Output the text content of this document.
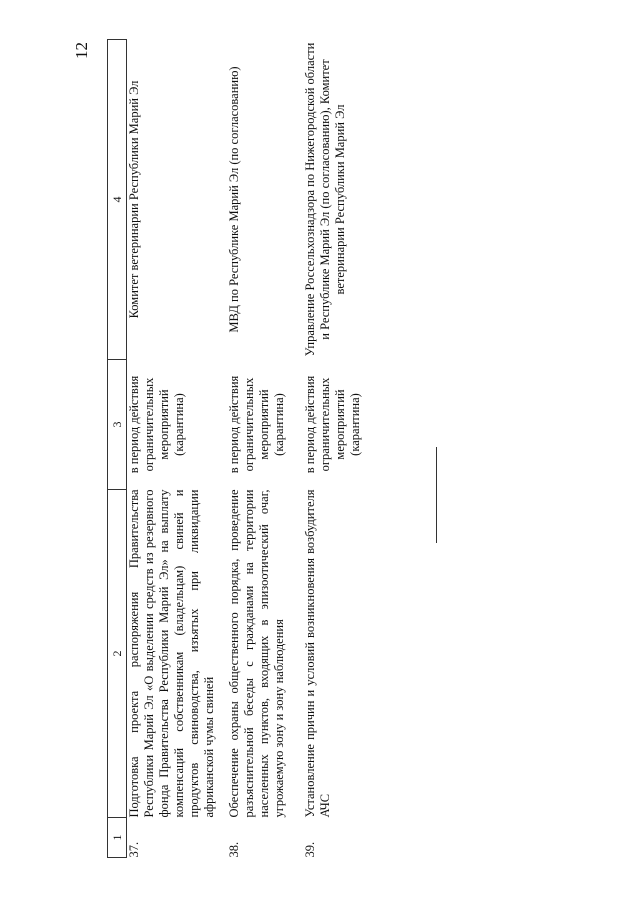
12
1	2	3	4
37.	Подготовка проекта распоряжения Правительства Республики Марий Эл «О выделении средств из резервного фонда Правительства Республики Марий Эл» на выплату компенсаций собственникам (владельцам) свиней и продуктов свиноводства, изъятых при ликвидации африканской чумы свиней	в период действия ограничительных мероприятий (карантина)	Комитет ветеринарии Республики Марий Эл
38.	Обеспечение охраны общественного порядка, проведение разъяснительной беседы с гражданами на территории населенных пунктов, входящих в эпизоотический очаг, угрожаемую зону и зону наблюдения	в период действия ограничительных мероприятий (карантина)	МВД по Республике Марий Эл (по согласованию)
39.	Установление причин и условий возникновения возбудителя АЧС	в период действия ограничительных мероприятий (карантина)	Управление Россельхознадзора по Нижегородской области и Республике Марий Эл (по согласованию), Комитет ветеринарии Республики Марий Эл
